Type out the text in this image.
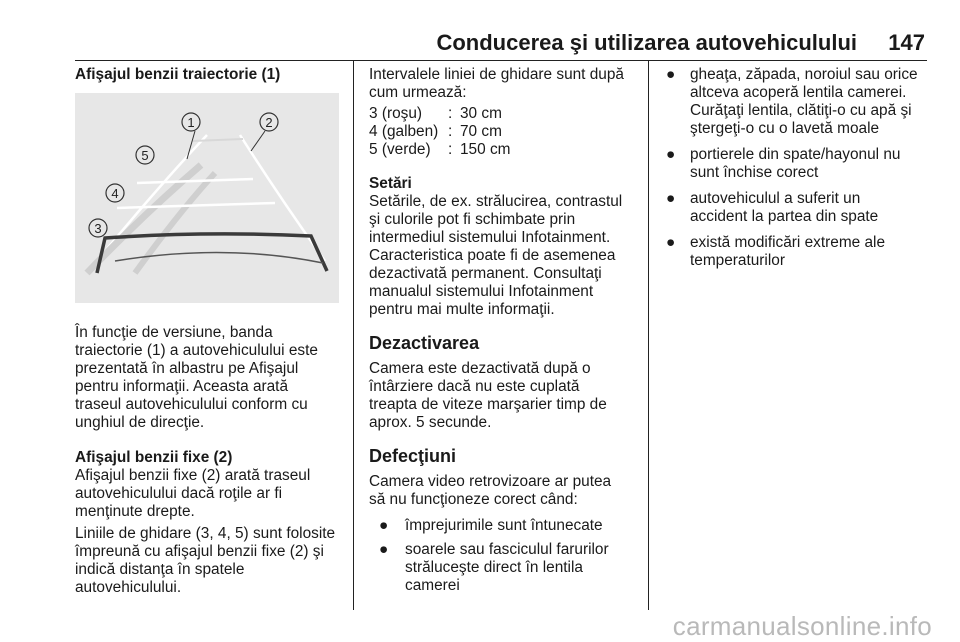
Conducerea şi utilizarea autovehiculului 147

Afişajul benzii traiectorie (1)

1	2
3
4
5

În funcţie de versiune, banda

traiectorie (1) a autovehiculului este

prezentată în albastru pe Afişajul

pentru informaţii. Aceasta arată

traseul autovehiculului conform cu

unghiul de direcţie.

Afişajul benzii fixe (2)

Afişajul benzii fixe (2) arată traseul

autovehiculului dacă roţile ar fi

menţinute drepte.

Liniile de ghidare (3, 4, 5) sunt folosite

împreună cu afişajul benzii fixe (2) şi

indică distanţa în spatele

autovehiculului.

Intervalele liniei de ghidare sunt după

cum urmează:

3 (roşu)	:	30 cm
4 (galben)	:	70 cm
5 (verde)	:	150 cm

Setări

Setările, de ex. strălucirea, contrastul

şi culorile pot fi schimbate prin

intermediul sistemului Infotainment.

Caracteristica poate fi de asemenea

dezactivată permanent. Consultaţi

manualul sistemului Infotainment

pentru mai multe informaţii.

Dezactivarea

Camera este dezactivată după o

întârziere dacă nu este cuplată

treapta de viteze marşarier timp de

aprox. 5 secunde.

Defecţiuni

Camera video retrovizoare ar putea

să nu funcţioneze corect când:

● împrejurimile sunt întunecate

● soarele sau fasciculul farurilor

străluceşte direct în lentila

camerei

● gheaţa, zăpada, noroiul sau orice

altceva acoperă lentila camerei.

Curăţaţi lentila, clătiţi-o cu apă şi

ştergeţi-o cu o lavetă moale

● portierele din spate/hayonul nu

sunt închise corect

● autovehiculul a suferit un

accident la partea din spate

● există modificări extreme ale

temperaturilor

carmanualsonline.info
